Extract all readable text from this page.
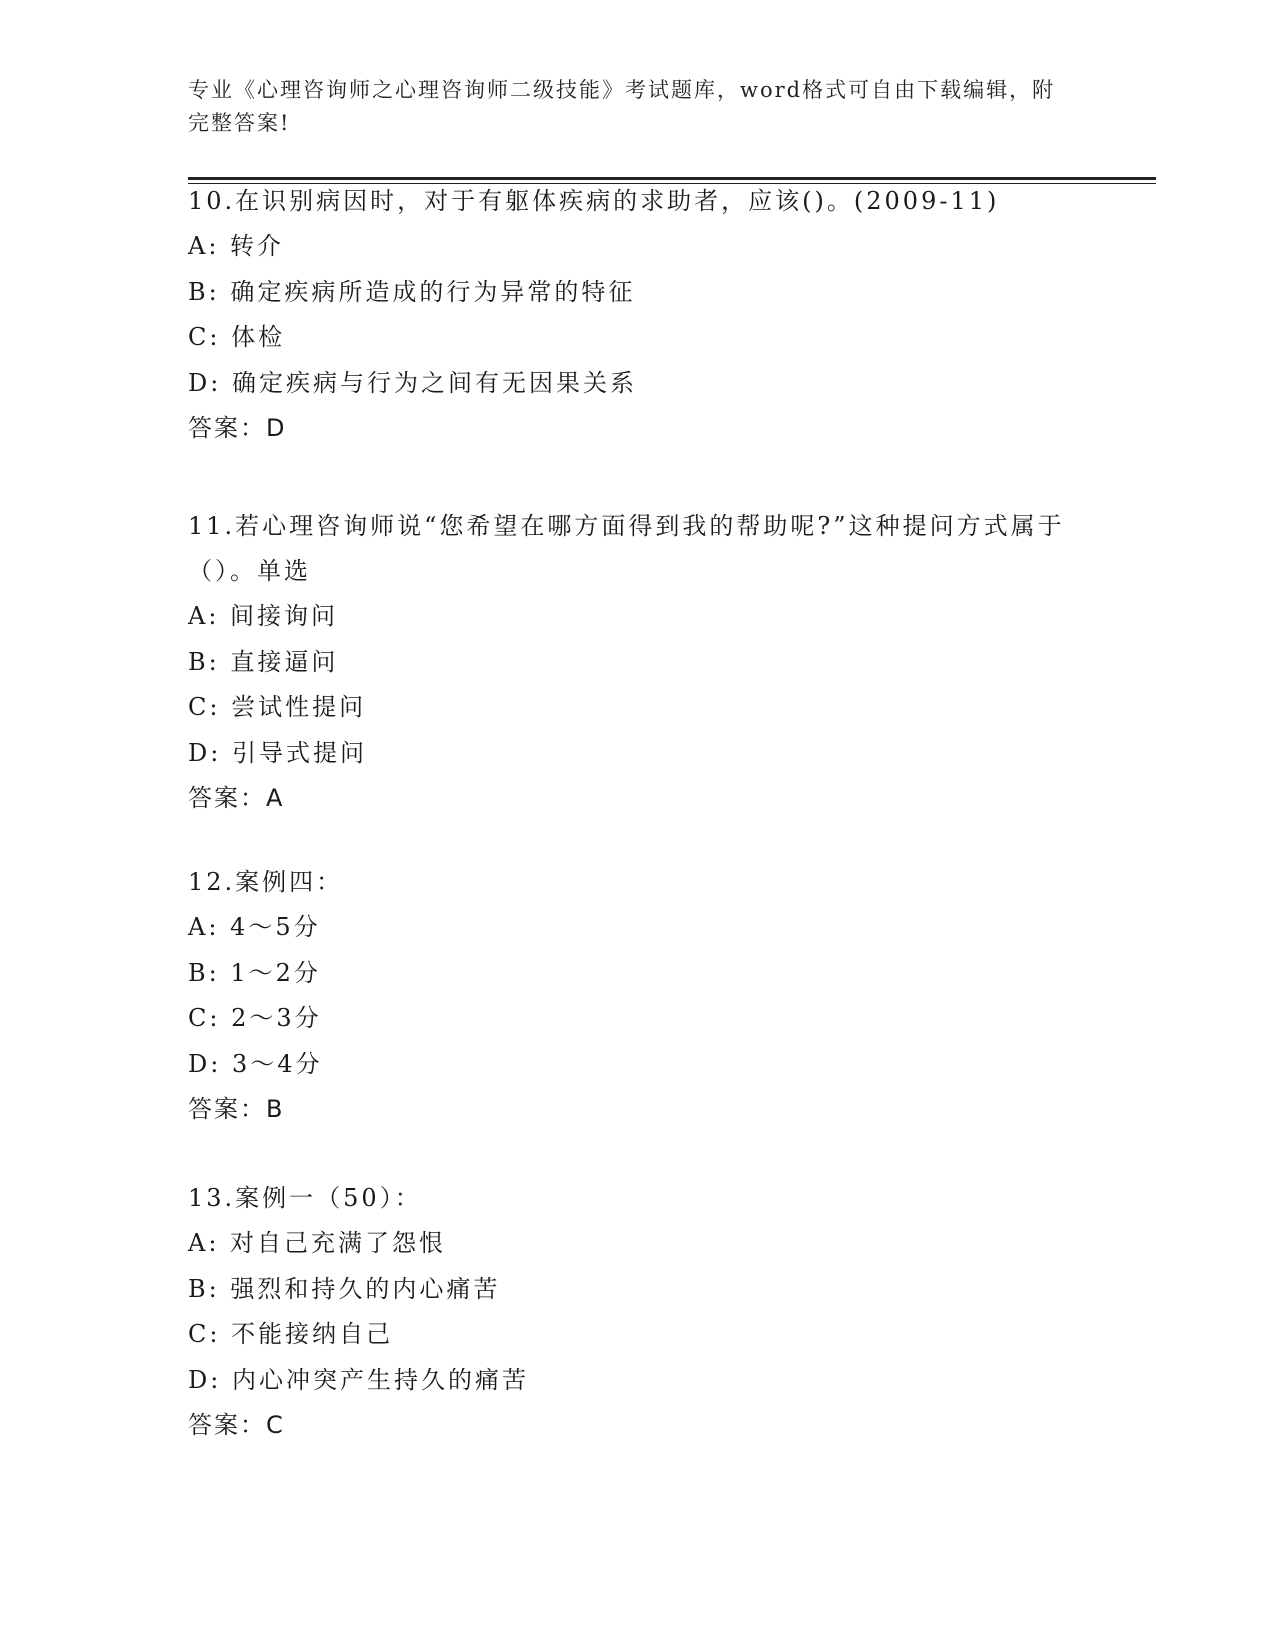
专业《心理咨询师之心理咨询师二级技能》考试题库，word格式可自由下载编辑，附完整答案!
10.在识别病因时，对于有躯体疾病的求助者，应该()。(2009-11)
A: 转介
B: 确定疾病所造成的行为异常的特征
C: 体检
D: 确定疾病与行为之间有无因果关系
答案：D
11.若心理咨询师说“您希望在哪方面得到我的帮助呢?”这种提问方式属于（）。单选
A: 间接询问
B: 直接逼问
C: 尝试性提问
D: 引导式提问
答案：A
12.案例四：
A: 4～5分
B: 1～2分
C: 2～3分
D: 3～4分
答案：B
13.案例一（50）：
A: 对自己充满了怨恨
B: 强烈和持久的内心痛苦
C: 不能接纳自己
D: 内心冲突产生持久的痛苦
答案：C
